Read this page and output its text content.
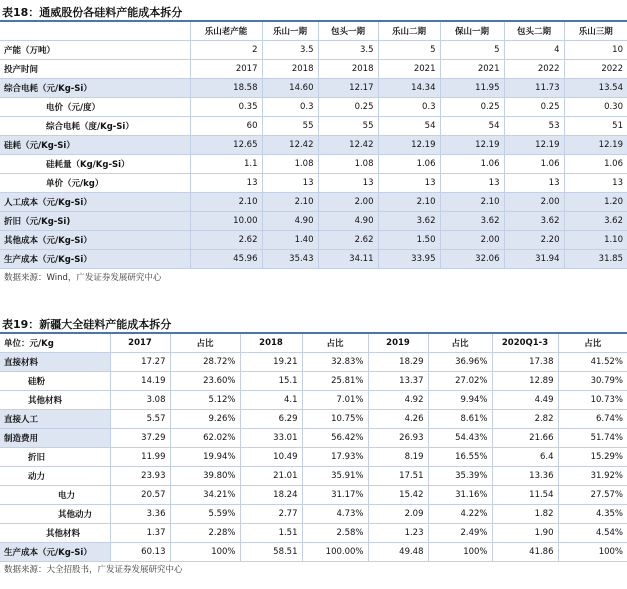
表18：通威股份各硅料产能成本拆分
	乐山老产能	乐山一期	包头一期	乐山二期	保山一期	包头二期	乐山三期
产能（万吨）	2	3.5	3.5	5	5	4	10
投产时间	2017	2018	2018	2021	2021	2022	2022
综合电耗（元/Kg-Si）	18.58	14.60	12.17	14.34	11.95	11.73	13.54
电价（元/度）	0.35	0.3	0.25	0.3	0.25	0.25	0.30
综合电耗（度/Kg-Si）	60	55	55	54	54	53	51
硅耗（元/Kg-Si）	12.65	12.42	12.42	12.19	12.19	12.19	12.19
硅耗量（Kg/Kg-Si）	1.1	1.08	1.08	1.06	1.06	1.06	1.06
单价（元/kg）	13	13	13	13	13	13	13
人工成本（元/Kg-Si）	2.10	2.10	2.00	2.10	2.10	2.00	1.20
折旧（元/Kg-Si)	10.00	4.90	4.90	3.62	3.62	3.62	3.62
其他成本（元/Kg-Si）	2.62	1.40	2.62	1.50	2.00	2.20	1.10
生产成本（元/Kg-Si）	45.96	35.43	34.11	33.95	32.06	31.94	31.85
数据来源：Wind，广发证券发展研究中心
表19：新疆大全硅料产能成本拆分
单位：元/Kg	2017	占比	2018	占比	2019	占比	2020Q1-3	占比
直接材料	17.27	28.72%	19.21	32.83%	18.29	36.96%	17.38	41.52%
硅粉	14.19	23.60%	15.1	25.81%	13.37	27.02%	12.89	30.79%
其他材料	3.08	5.12%	4.1	7.01%	4.92	9.94%	4.49	10.73%
直接人工	5.57	9.26%	6.29	10.75%	4.26	8.61%	2.82	6.74%
制造费用	37.29	62.02%	33.01	56.42%	26.93	54.43%	21.66	51.74%
折旧	11.99	19.94%	10.49	17.93%	8.19	16.55%	6.4	15.29%
动力	23.93	39.80%	21.01	35.91%	17.51	35.39%	13.36	31.92%
电力	20.57	34.21%	18.24	31.17%	15.42	31.16%	11.54	27.57%
其他动力	3.36	5.59%	2.77	4.73%	2.09	4.22%	1.82	4.35%
其他材料	1.37	2.28%	1.51	2.58%	1.23	2.49%	1.90	4.54%
生产成本（元/Kg-Si）	60.13	100%	58.51	100.00%	49.48	100%	41.86	100%
数据来源：大全招股书，广发证券发展研究中心
